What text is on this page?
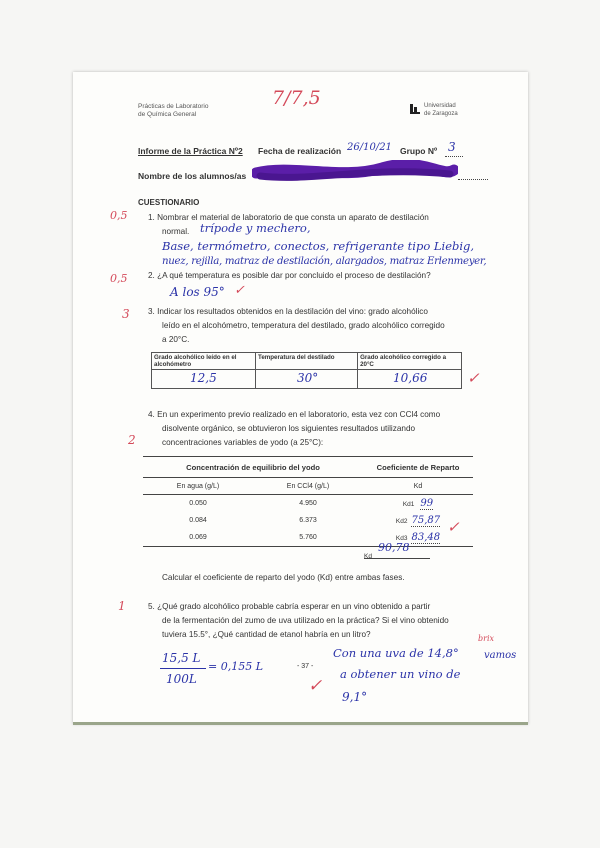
Prácticas de Laboratorio
de Química General
Universidad
de Zaragoza
7/7,5
Informe de la Práctica Nº2 Fecha de realización 26/10/21 Grupo Nº 3
Nombre de los alumnos/as
CUESTIONARIO
0,5	1. Nombrar el material de laboratorio de que consta un aparato de destilación
normal. trípode y mechero,
Base, termómetro, conectos, refrigerante tipo Liebig,
nuez, rejilla, matraz de destilación, alargados, matraz Erlenmeyer,
0,5	2. ¿A qué temperatura es posible dar por concluido el proceso de destilación?
A los 95° ✓
3 3. Indicar los resultados obtenidos en la destilación del vino: grado alcohólico
leído en el alcohómetro, temperatura del destilado, grado alcohólico corregido
a 20°C.
Grado alcohólico leído en el alcohómetro	Temperatura del destilado	Grado alcohólico corregido a 20°C

12,5	30°	10,66	✓
2
4. En un experimento previo realizado en el laboratorio, esta vez con CCl4 como
disolvente orgánico, se obtuvieron los siguientes resultados utilizando
concentraciones variables de yodo (a 25°C):
Concentración de equilibrio del yodo		Coeficiente de Reparto
En agua (g/L)	En CCl4 (g/L)	Kd
0.050	4.950	Kd1 99
0.084	6.373	Kd2 75,87
0.069	5.760	Kd3 83,48
Kd
90,78
✓
Calcular el coeficiente de reparto del yodo (Kd) entre ambas fases.
1	5. ¿Qué grado alcohólico probable cabría esperar en un vino obtenido a partir
de la fermentación del zumo de uva utilizado en la práctica? Si el vino obtenido
tuviera 15.5°, ¿Qué cantidad de etanol habría en un litro?
15,5 L
100L
= 0,155 L	- 37 -
Con una uva de 14,8°	vamos
brix
a obtener un vino de
9,1°
✓
